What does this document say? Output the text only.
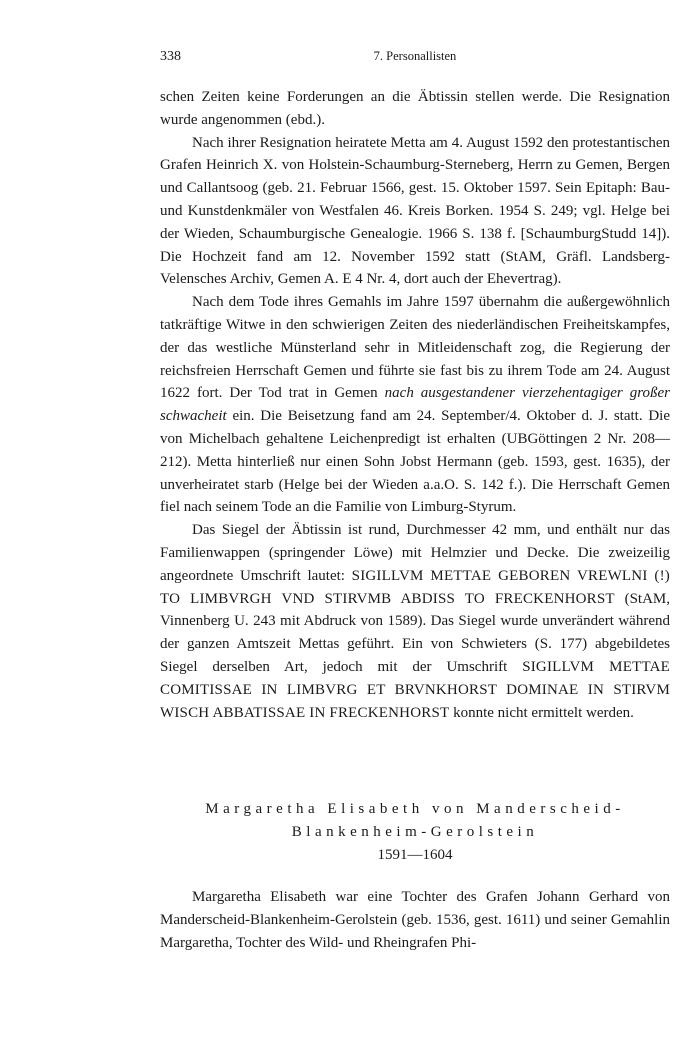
338	7. Personallisten

schen Zeiten keine Forderungen an die Äbtissin stellen werde. Die Resignation wurde angenommen (ebd.).

Nach ihrer Resignation heiratete Metta am 4. August 1592 den protestantischen Grafen Heinrich X. von Holstein-Schaumburg-Sterneberg, Herrn zu Gemen, Bergen und Callantsoog (geb. 21. Februar 1566, gest. 15. Oktober 1597. Sein Epitaph: Bau- und Kunstdenkmäler von Westfalen 46. Kreis Borken. 1954 S. 249; vgl. Helge bei der Wieden, Schaumburgische Genealogie. 1966 S. 138 f. [SchaumburgStudd 14]). Die Hochzeit fand am 12. November 1592 statt (StAM, Gräfl. Landsberg-Velensches Archiv, Gemen A. E 4 Nr. 4, dort auch der Ehevertrag).

Nach dem Tode ihres Gemahls im Jahre 1597 übernahm die außergewöhnlich tatkräftige Witwe in den schwierigen Zeiten des niederländischen Freiheitskampfes, der das westliche Münsterland sehr in Mitleidenschaft zog, die Regierung der reichsfreien Herrschaft Gemen und führte sie fast bis zu ihrem Tode am 24. August 1622 fort. Der Tod trat in Gemen nach ausgestandener vierzehentagiger großer schwacheit ein. Die Beisetzung fand am 24. September/4. Oktober d. J. statt. Die von Michelbach gehaltene Leichenpredigt ist erhalten (UBGöttingen 2 Nr. 208—212). Metta hinterließ nur einen Sohn Jobst Hermann (geb. 1593, gest. 1635), der unverheiratet starb (Helge bei der Wieden a.a.O. S. 142 f.). Die Herrschaft Gemen fiel nach seinem Tode an die Familie von Limburg-Styrum.

Das Siegel der Äbtissin ist rund, Durchmesser 42 mm, und enthält nur das Familienwappen (springender Löwe) mit Helmzier und Decke. Die zweizeilig angeordnete Umschrift lautet: SIGILLVM METTAE GEBOREN VREWLNI (!) TO LIMBVRGH VND STIRVMB ABDISS TO FRECKENHORST (StAM, Vinnenberg U. 243 mit Abdruck von 1589). Das Siegel wurde unverändert während der ganzen Amtszeit Mettas geführt. Ein von Schwieters (S. 177) abgebildetes Siegel derselben Art, jedoch mit der Umschrift SIGILLVM METTAE COMITISSAE IN LIMBVRG ET BRVNKHORST DOMINAE IN STIRVM WISCH ABBATISSAE IN FRECKENHORST konnte nicht ermittelt werden.

Margaretha Elisabeth von Manderscheid-
Blankenheim-Gerolstein
1591—1604

Margaretha Elisabeth war eine Tochter des Grafen Johann Gerhard von Manderscheid-Blankenheim-Gerolstein (geb. 1536, gest. 1611) und seiner Gemahlin Margaretha, Tochter des Wild- und Rheingrafen Phi-
